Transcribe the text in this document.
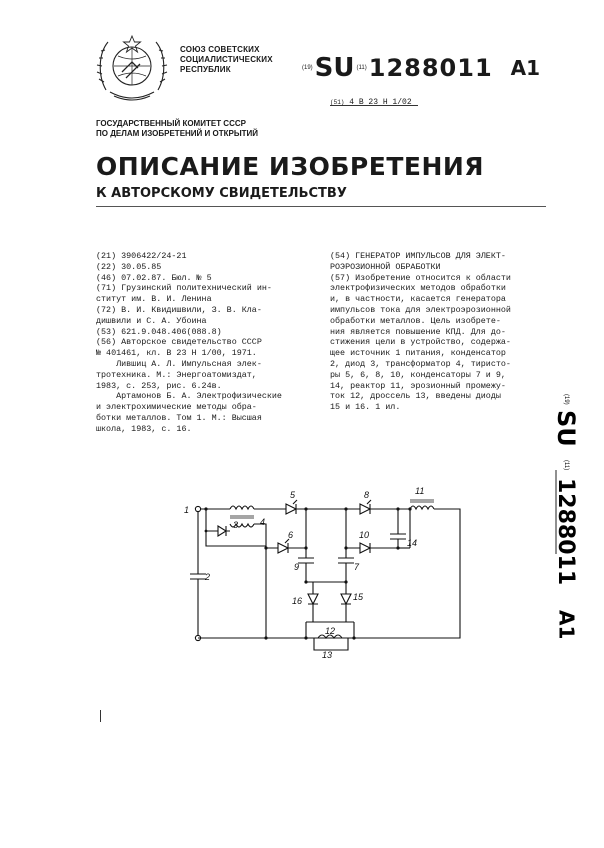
СОЮЗ СОВЕТСКИХ
СОЦИАЛИСТИЧЕСКИХ
РЕСПУБЛИК	(19)SU (11)1288011 A1
(51) 4 В 23 Н 1/02
ГОСУДАРСТВЕННЫЙ КОМИТЕТ СССР
ПО ДЕЛАМ ИЗОБРЕТЕНИЙ И ОТКРЫТИЙ
ОПИСАНИЕ ИЗОБРЕТЕНИЯ
К АВТОРСКОМУ СВИДЕТЕЛЬСТВУ
(21) 3906422/24-21
(22) 30.05.85
(46) 07.02.87. Бюл. № 5
(71) Грузинский политехнический ин-
ститут им. В. И. Ленина
(72) В. И. Квидишвили, З. В. Кла-
дишвили и С. А. Убоина
(53) 621.9.048.406(088.8)
(56) Авторское свидетельство СССР
№ 401461, кл. В 23 Н 1/00, 1971.
Лившиц А. Л. Импульсная элек-
тротехника. М.: Энергоатомиздат,
1983, с. 253, рис. 6.24в.
Артамонов Б. А. Электрофизические
и электрохимические методы обра-
ботки металлов. Том 1. М.: Высшая
школа, 1983, с. 16.
(54) ГЕНЕРАТОР ИМПУЛЬСОВ ДЛЯ ЭЛЕКТ-
РОЭРОЗИОННОЙ ОБРАБОТКИ
(57) Изобретение относится к области
электрофизических методов обработки
и, в частности, касается генератора
импульсов тока для электроэрозионной
обработки металлов. Цель изобрете-
ния является повышение КПД. Для до-
стижения цели в устройство, содержа-
щее источник 1 питания, конденсатор
2, диод 3, трансформатор 4, тиристо-
ры 5, 6, 8, 10, конденсаторы 7 и 9,
14, реактор 11, эрозионный промежу-
ток 12, дроссель 13, введены диоды
15 и 16. 1 ил.
(19)
SU
(11)
1288011
A1
1
2
3 4
5
6
7
8
9
10
11
12
13
14
15
16
